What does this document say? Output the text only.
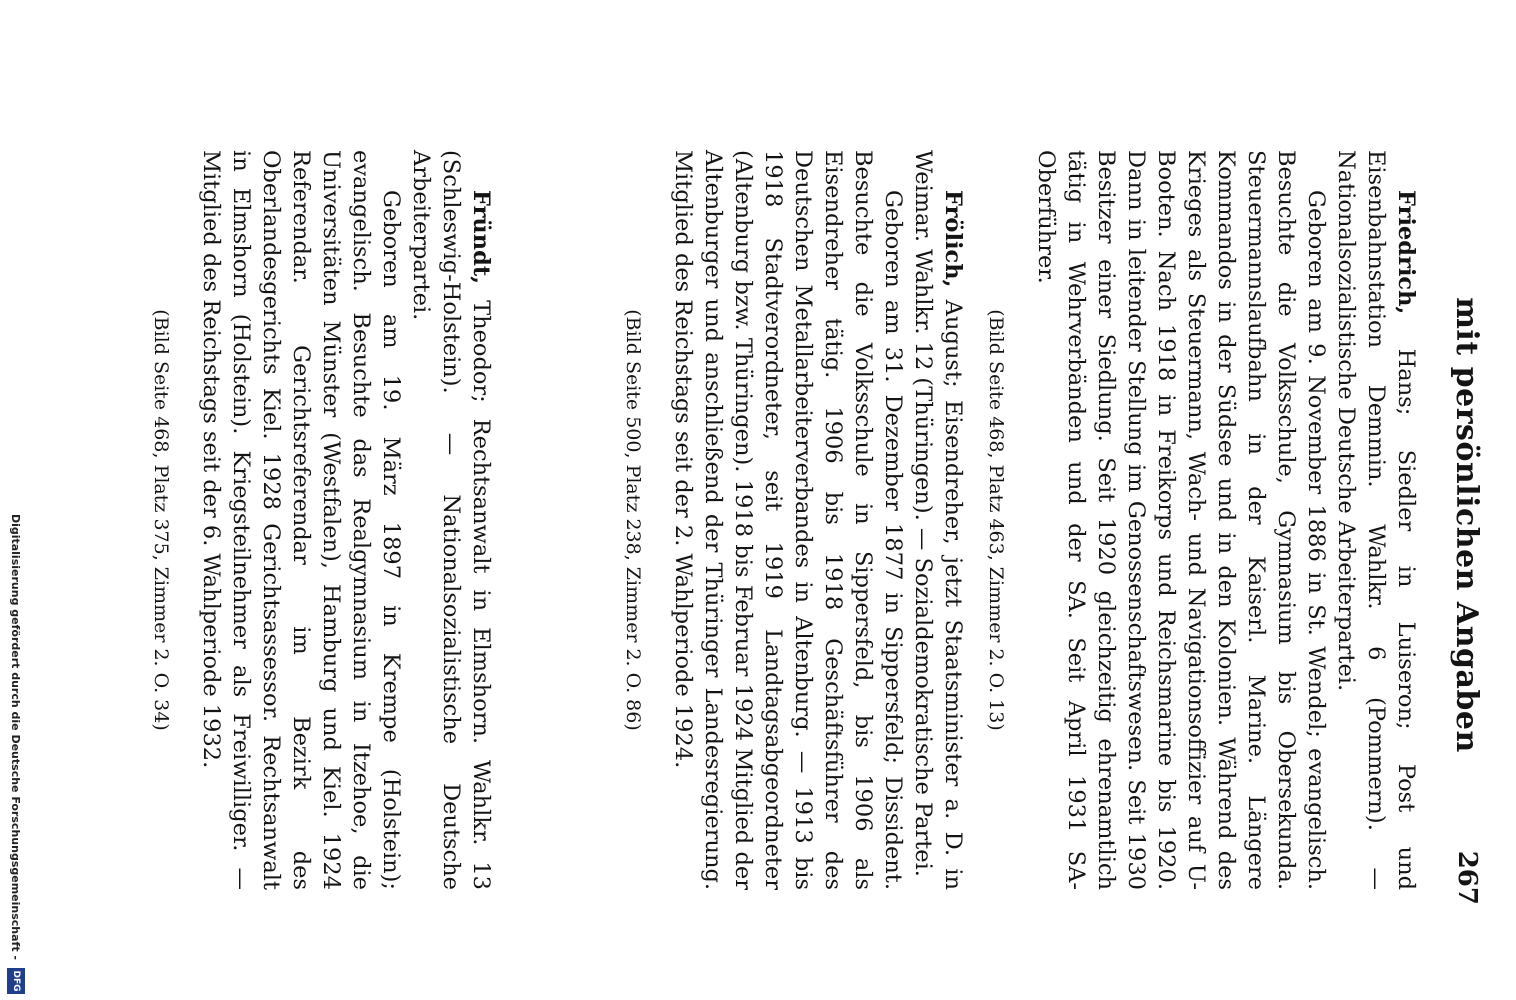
mit persönlichen Angaben
267

Friedrich, Hans; Siedler in Luiseron; Post und Eisenbahnstation Demmin. Wahlkr. 6 (Pommern). — Nationalsozialistische Deutsche Arbeiterpartei.

Geboren am 9. November 1886 in St. Wendel; evangelisch. Besuchte die Volksschule, Gymnasium bis Obersekunda. Steuermannslaufbahn in der Kaiserl. Marine. Längere Kommandos in der Südsee und in den Kolonien. Während des Krieges als Steuermann, Wach- und Navigationsoffizier auf U-Booten. Nach 1918 in Freikorps und Reichsmarine bis 1920. Dann in leitender Stellung im Genossenschaftswesen. Seit 1930 Besitzer einer Siedlung. Seit 1920 gleichzeitig ehrenamtlich tätig in Wehrverbänden und der SA. Seit April 1931 SA-Oberführer.

(Bild Seite 468, Platz 463, Zimmer 2. O. 13)

Frölich, August; Eisendreher, jetzt Staatsminister a. D. in Weimar. Wahlkr. 12 (Thüringen). — Sozialdemokratische Partei.

Geboren am 31. Dezember 1877 in Sippersfeld; Dissident. Besuchte die Volksschule in Sippersfeld, bis 1906 als Eisendreher tätig. 1906 bis 1918 Geschäftsführer des Deutschen Metallarbeiterverbandes in Altenburg. — 1913 bis 1918 Stadtverordneter, seit 1919 Landtagsabgeordneter (Altenburg bzw. Thüringen). 1918 bis Februar 1924 Mitglied der Altenburger und anschließend der Thüringer Landesregierung. Mitglied des Reichstags seit der 2. Wahlperiode 1924.

(Bild Seite 500, Platz 238, Zimmer 2. O. 86)

Fründt, Theodor; Rechtsanwalt in Elmshorn. Wahlkr. 13 (Schleswig-Holstein). — Nationalsozialistische Deutsche Arbeiterpartei.

Geboren am 19. März 1897 in Krempe (Holstein); evangelisch. Besuchte das Realgymnasium in Itzehoe, die Universitäten Münster (Westfalen), Hamburg und Kiel. 1924 Referendar. Gerichtsreferendar im Bezirk des Oberlandesgerichts Kiel. 1928 Gerichtsassessor. Rechtsanwalt in Elmshorn (Holstein). Kriegsteilnehmer als Freiwilliger. — Mitglied des Reichstags seit der 6. Wahlperiode 1932.

(Bild Seite 468, Platz 375, Zimmer 2. O. 34)

Digitalisierung gefördert durch die Deutsche Forschungsgemeinschaft -
DFG
